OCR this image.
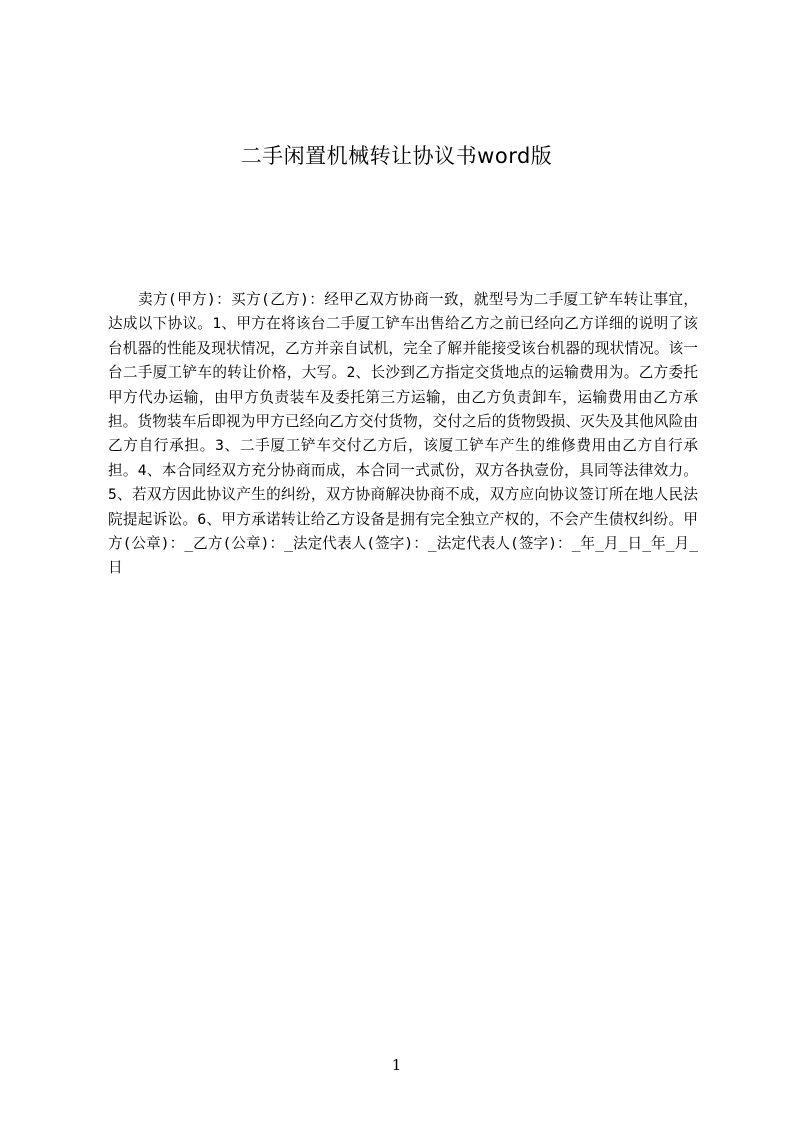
二手闲置机械转让协议书word版
卖方(甲方)：买方(乙方)：经甲乙双方协商一致，就型号为二手厦工铲车转让事宜，达成以下协议。1、甲方在将该台二手厦工铲车出售给乙方之前已经向乙方详细的说明了该台机器的性能及现状情况，乙方并亲自试机，完全了解并能接受该台机器的现状情况。该一台二手厦工铲车的转让价格，大写。2、长沙到乙方指定交货地点的运输费用为。乙方委托甲方代办运输，由甲方负责装车及委托第三方运输，由乙方负责卸车，运输费用由乙方承担。货物装车后即视为甲方已经向乙方交付货物，交付之后的货物毁损、灭失及其他风险由乙方自行承担。3、二手厦工铲车交付乙方后，该厦工铲车产生的维修费用由乙方自行承担。4、本合同经双方充分协商而成，本合同一式贰份，双方各执壹份，具同等法律效力。5、若双方因此协议产生的纠纷，双方协商解决协商不成，双方应向协议签订所在地人民法院提起诉讼。6、甲方承诺转让给乙方设备是拥有完全独立产权的，不会产生债权纠纷。甲方(公章)：_乙方(公章)：_法定代表人(签字)：_法定代表人(签字)：_年_月_日_年_月_日
1
